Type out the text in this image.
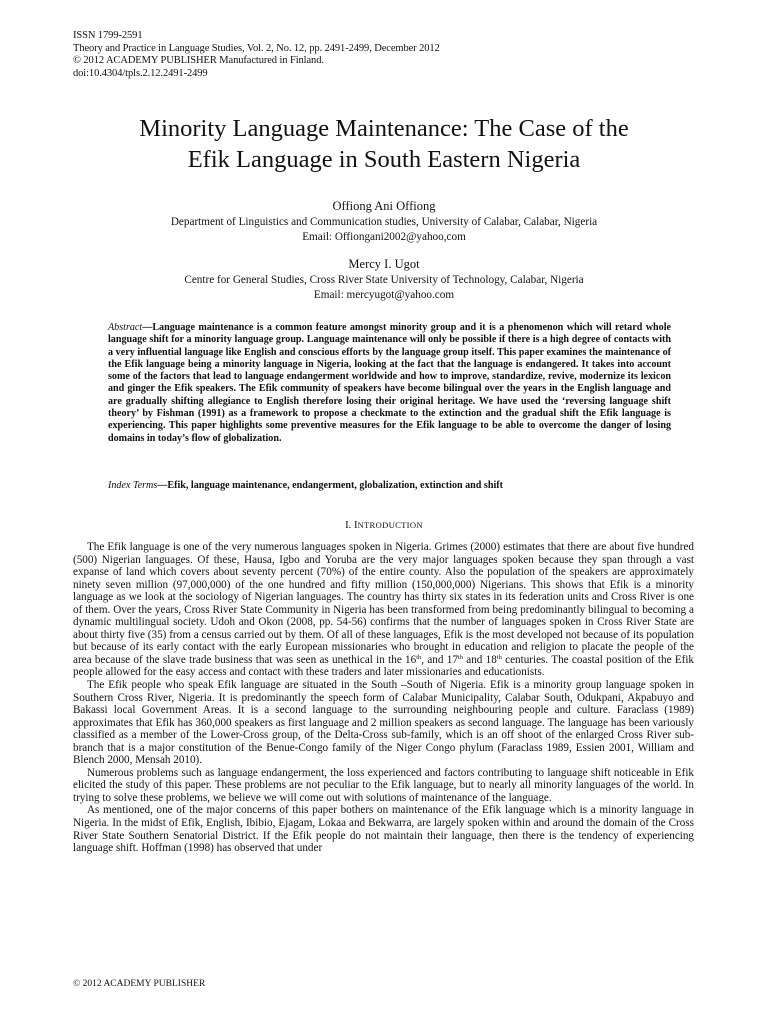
ISSN 1799-2591
Theory and Practice in Language Studies, Vol. 2, No. 12, pp. 2491-2499, December 2012
© 2012 ACADEMY PUBLISHER Manufactured in Finland.
doi:10.4304/tpls.2.12.2491-2499
Minority Language Maintenance: The Case of the
Efik Language in South Eastern Nigeria
Offiong Ani Offiong
Department of Linguistics and Communication studies, University of Calabar, Calabar, Nigeria
Email: Offiongani2002@yahoo,com
Mercy I. Ugot
Centre for General Studies, Cross River State University of Technology, Calabar, Nigeria
Email: mercyugot@yahoo.com
Abstract—Language maintenance is a common feature amongst minority group and it is a phenomenon which will retard whole language shift for a minority language group. Language maintenance will only be possible if there is a high degree of contacts with a very influential language like English and conscious efforts by the language group itself. This paper examines the maintenance of the Efik language being a minority language in Nigeria, looking at the fact that the language is endangered. It takes into account some of the factors that lead to language endangerment worldwide and how to improve, standardize, revive, modernize its lexicon and ginger the Efik speakers. The Efik community of speakers have become bilingual over the years in the English language and are gradually shifting allegiance to English therefore losing their original heritage. We have used the ‘reversing language shift theory’ by Fishman (1991) as a framework to propose a checkmate to the extinction and the gradual shift the Efik language is experiencing. This paper highlights some preventive measures for the Efik language to be able to overcome the danger of losing domains in today’s flow of globalization.
Index Terms—Efik, language maintenance, endangerment, globalization, extinction and shift
I. INTRODUCTION

The Efik language is one of the very numerous languages spoken in Nigeria. Grimes (2000) estimates that there are about five hundred (500) Nigerian languages. Of these, Hausa, Igbo and Yoruba are the very major languages spoken because they span through a vast expanse of land which covers about seventy percent (70%) of the entire county. Also the population of the speakers are approximately ninety seven million (97,000,000) of the one hundred and fifty million (150,000,000) Nigerians. This shows that Efik is a minority language as we look at the sociology of Nigerian languages. The country has thirty six states in its federation units and Cross River is one of them. Over the years, Cross River State Community in Nigeria has been transformed from being predominantly bilingual to becoming a dynamic multilingual society. Udoh and Okon (2008, pp. 54-56) confirms that the number of languages spoken in Cross River State are about thirty five (35) from a census carried out by them. Of all of these languages, Efik is the most developed not because of its population but because of its early contact with the early European missionaries who brought in education and religion to placate the people of the area because of the slave trade business that was seen as unethical in the 16th, and 17th and 18th centuries. The coastal position of the Efik people allowed for the easy access and contact with these traders and later missionaries and educationists.

The Efik people who speak Efik language are situated in the South –South of Nigeria. Efik is a minority group language spoken in Southern Cross River, Nigeria. It is predominantly the speech form of Calabar Municipality, Calabar South, Odukpani, Akpabuyo and Bakassi local Government Areas. It is a second language to the surrounding neighbouring people and culture. Faraclass (1989) approximates that Efik has 360,000 speakers as first language and 2 million speakers as second language. The language has been variously classified as a member of the Lower-Cross group, of the Delta-Cross sub-family, which is an off shoot of the enlarged Cross River sub-branch that is a major constitution of the Benue-Congo family of the Niger Congo phylum (Faraclass 1989, Essien 2001, William and Blench 2000, Mensah 2010).

Numerous problems such as language endangerment, the loss experienced and factors contributing to language shift noticeable in Efik elicited the study of this paper. These problems are not peculiar to the Efik language, but to nearly all minority languages of the world. In trying to solve these problems, we believe we will come out with solutions of maintenance of the language.

As mentioned, one of the major concerns of this paper bothers on maintenance of the Efik language which is a minority language in Nigeria. In the midst of Efik, English, Ibibio, Ejagam, Lokaa and Bekwarra, are largely spoken within and around the domain of the Cross River State Southern Senatorial District. If the Efik people do not maintain their language, then there is the tendency of experiencing language shift. Hoffman (1998) has observed that under

© 2012 ACADEMY PUBLISHER
